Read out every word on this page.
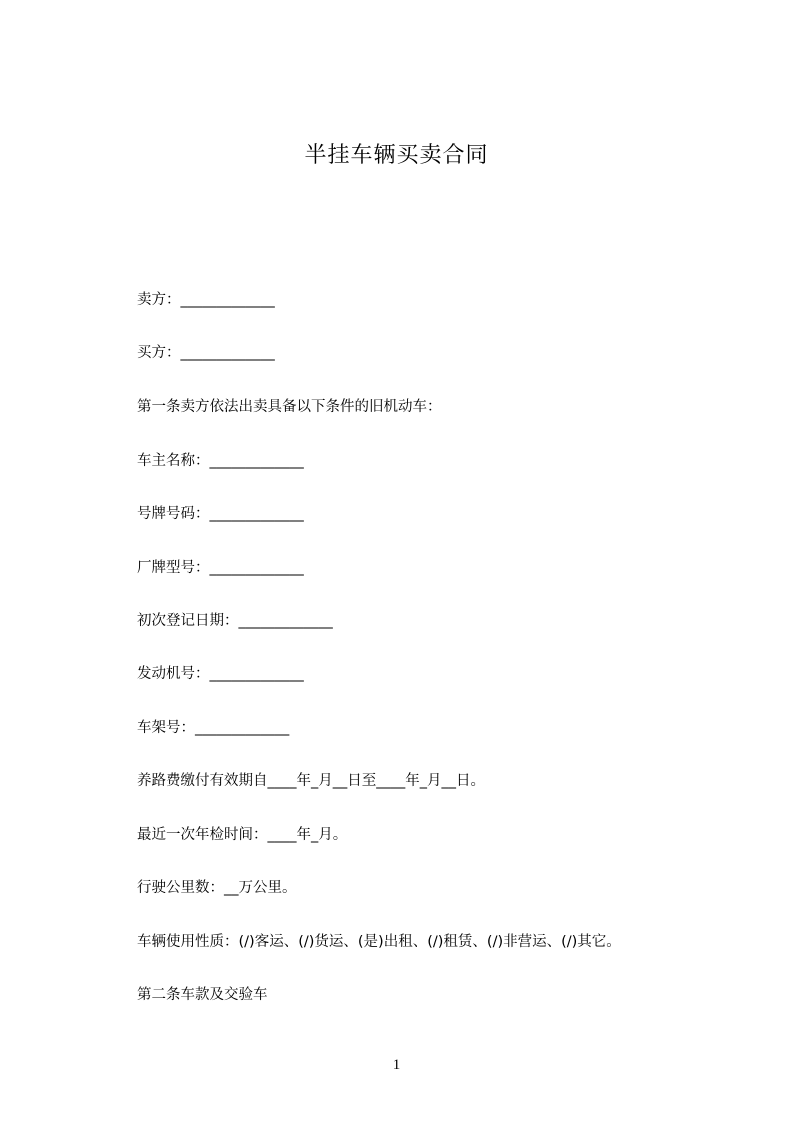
半挂车辆买卖合同
卖方：_____________
买方：_____________
第一条卖方依法出卖具备以下条件的旧机动车：
车主名称：_____________
号牌号码：_____________
厂牌型号：_____________
初次登记日期：_____________
发动机号：_____________
车架号：_____________
养路费缴付有效期自____年_月__日至____年_月__日。
最近一次年检时间：____年_月。
行驶公里数：__万公里。
车辆使用性质：(/)客运、(/)货运、(是)出租、(/)租赁、(/)非营运、(/)其它。
第二条车款及交验车
1
